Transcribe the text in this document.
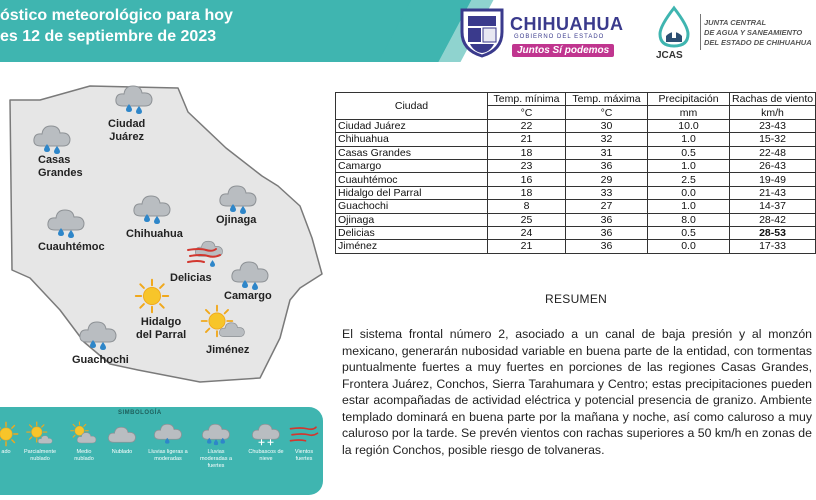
óstico meteorológico para hoy
es 12 de septiembre de 2023
CHIHUAHUA
GOBIERNO DEL ESTADO
Juntos Sí podemos	JCAS
JUNTA CENTRAL
DE AGUA Y SANEAMIENTO
DEL ESTADO DE CHIHUAHUA
Ciudad
Juárez
Casas
Grandes
Ojinaga
Chihuahua
Cuauhtémoc
Delicias
Camargo
Hidalgo
del Parral
Jiménez
Guachochi
SIMBOLOGÍA
ado	Parcialmente nublado
Medio nublado
Nublado	Lluvias ligeras a moderadas
Lluvias moderadas a fuertes
Chubascos de nieve
Vientos fuertes
Ciudad	Temp. mínima	Temp. máxima	Precipitación	Rachas de viento
	°C	°C	mm	km/h
Ciudad Juárez	22	30	10.0	23-43
Chihuahua	21	32	1.0	15-32
Casas Grandes	18	31	0.5	22-48
Camargo	23	36	1.0	26-43
Cuauhtémoc	16	29	2.5	19-49
Hidalgo del Parral	18	33	0.0	21-43
Guachochi	8	27	1.0	14-37
Ojinaga	25	36	8.0	28-42
Delicias	24	36	0.5	28-53
Jiménez	21	36	0.0	17-33
RESUMEN

El sistema frontal número 2, asociado a un canal de baja presión y al monzón mexicano, generarán nubosidad variable en buena parte de la entidad, con tormentas puntualmente fuertes a muy fuertes en porciones de las regiones Casas Grandes, Frontera Juárez, Conchos, Sierra Tarahumara y Centro; estas precipitaciones pueden estar acompañadas de actividad eléctrica y potencial presencia de granizo. Ambiente templado dominará en buena parte por la mañana y noche, así como caluroso a muy caluroso por la tarde. Se prevén vientos con rachas superiores a 50 km/h en zonas de la región Conchos, posible riesgo de tolvaneras.
